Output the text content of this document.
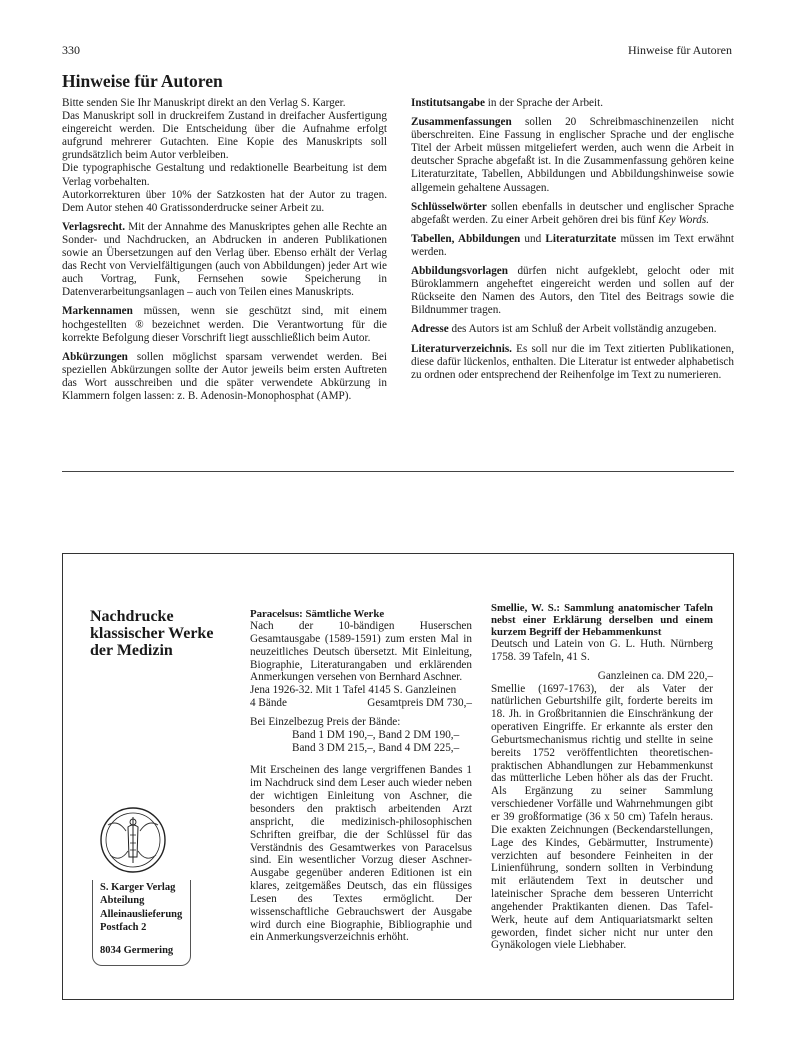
330	Hinweise für Autoren
Hinweise für Autoren

Bitte senden Sie Ihr Manuskript direkt an den Verlag S. Karger.

Das Manuskript soll in druckreifem Zustand in dreifacher Ausfertigung eingereicht werden. Die Entscheidung über die Aufnahme erfolgt aufgrund mehrerer Gutachten. Eine Kopie des Manuskripts soll grundsätzlich beim Autor verbleiben.

Die typographische Gestaltung und redaktionelle Bearbeitung ist dem Verlag vorbehalten.

Autorkorrekturen über 10% der Satzkosten hat der Autor zu tragen. Dem Autor stehen 40 Gratissonderdrucke seiner Arbeit zu.

Verlagsrecht. Mit der Annahme des Manuskriptes gehen alle Rechte an Sonder- und Nachdrucken, an Abdrucken in anderen Publikationen sowie an Übersetzungen auf den Verlag über. Ebenso erhält der Verlag das Recht von Vervielfältigungen (auch von Abbildungen) jeder Art wie auch Vortrag, Funk, Fernsehen sowie Speicherung in Datenverarbeitungsanlagen – auch von Teilen eines Manuskripts.

Markennamen müssen, wenn sie geschützt sind, mit einem hochgestellten ® bezeichnet werden. Die Verantwortung für die korrekte Befolgung dieser Vorschrift liegt ausschließlich beim Autor.

Abkürzungen sollen möglichst sparsam verwendet werden. Bei speziellen Abkürzungen sollte der Autor jeweils beim ersten Auftreten das Wort ausschreiben und die später verwendete Abkürzung in Klammern folgen lassen: z. B. Adenosin-Monophosphat (AMP).

Institutsangabe in der Sprache der Arbeit.

Zusammenfassungen sollen 20 Schreibmaschinenzeilen nicht überschreiten. Eine Fassung in englischer Sprache und der englische Titel der Arbeit müssen mitgeliefert werden, auch wenn die Arbeit in deutscher Sprache abgefaßt ist. In die Zusammenfassung gehören keine Literaturzitate, Tabellen, Abbildungen und Abbildungshinweise sowie allgemein gehaltene Aussagen.

Schlüsselwörter sollen ebenfalls in deutscher und englischer Sprache abgefaßt werden. Zu einer Arbeit gehören drei bis fünf Key Words.

Tabellen, Abbildungen und Literaturzitate müssen im Text erwähnt werden.

Abbildungsvorlagen dürfen nicht aufgeklebt, gelocht oder mit Büroklammern angeheftet eingereicht werden und sollen auf der Rückseite den Namen des Autors, den Titel des Beitrags sowie die Bildnummer tragen.

Adresse des Autors ist am Schluß der Arbeit vollständig anzugeben.

Literaturverzeichnis. Es soll nur die im Text zitierten Publikationen, diese dafür lückenlos, enthalten. Die Literatur ist entweder alphabetisch zu ordnen oder entsprechend der Reihenfolge im Text zu numerieren.

Nachdrucke
klassischer Werke
der Medizin
S. Karger Verlag
Abteilung
Alleinauslieferung
Postfach 2
8034 Germering

Paracelsus: Sämtliche Werke

Nach der 10-bändigen Huserschen Gesamtausgabe (1589-1591) zum ersten Mal in neuzeitliches Deutsch übersetzt. Mit Einleitung, Biographie, Literaturangaben und erklärenden Anmerkungen versehen von Bernhard Aschner.

Jena 1926-32. Mit 1 Tafel 4145 S. Ganzleinen

4 Bände	Gesamtpreis DM 730,–

Bei Einzelbezug Preis der Bände:

Band 1 DM 190,–, Band 2 DM 190,–

Band 3 DM 215,–, Band 4 DM 225,–

Mit Erscheinen des lange vergriffenen Bandes 1 im Nachdruck sind dem Leser auch wieder neben der wichtigen Einleitung von Aschner, die besonders den praktisch arbeitenden Arzt anspricht, die medizinisch-philosophischen Schriften greifbar, die der Schlüssel für das Verständnis des Gesamtwerkes von Paracelsus sind. Ein wesentlicher Vorzug dieser Aschner-Ausgabe gegenüber anderen Editionen ist ein klares, zeitgemäßes Deutsch, das ein flüssiges Lesen des Textes ermöglicht. Der wissenschaftliche Gebrauchswert der Ausgabe wird durch eine Biographie, Bibliographie und ein Anmerkungsverzeichnis erhöht.

Smellie, W. S.: Sammlung anatomischer Tafeln nebst einer Erklärung derselben und einem kurzem Begriff der Hebammenkunst

Deutsch und Latein von G. L. Huth. Nürnberg 1758. 39 Tafeln, 41 S.

Ganzleinen ca. DM 220,–

Smellie (1697-1763), der als Vater der natürlichen Geburtshilfe gilt, forderte bereits im 18. Jh. in Großbritannien die Einschränkung der operativen Eingriffe. Er erkannte als erster den Geburtsmechanismus richtig und stellte in seine bereits 1752 veröffentlichten theoretischen-praktischen Abhandlungen zur Hebammenkunst das mütterliche Leben höher als das der Frucht. Als Ergänzung zu seiner Sammlung verschiedener Vorfälle und Wahrnehmungen gibt er 39 großformatige (36 x 50 cm) Tafeln heraus. Die exakten Zeichnungen (Beckendarstellungen, Lage des Kindes, Gebärmutter, Instrumente) verzichten auf besondere Feinheiten in der Linienführung, sondern sollten in Verbindung mit erläutendem Text in deutscher und lateinischer Sprache dem besseren Unterricht angehender Praktikanten dienen. Das Tafel-Werk, heute auf dem Antiquariatsmarkt selten geworden, findet sicher nicht nur unter den Gynäkologen viele Liebhaber.
